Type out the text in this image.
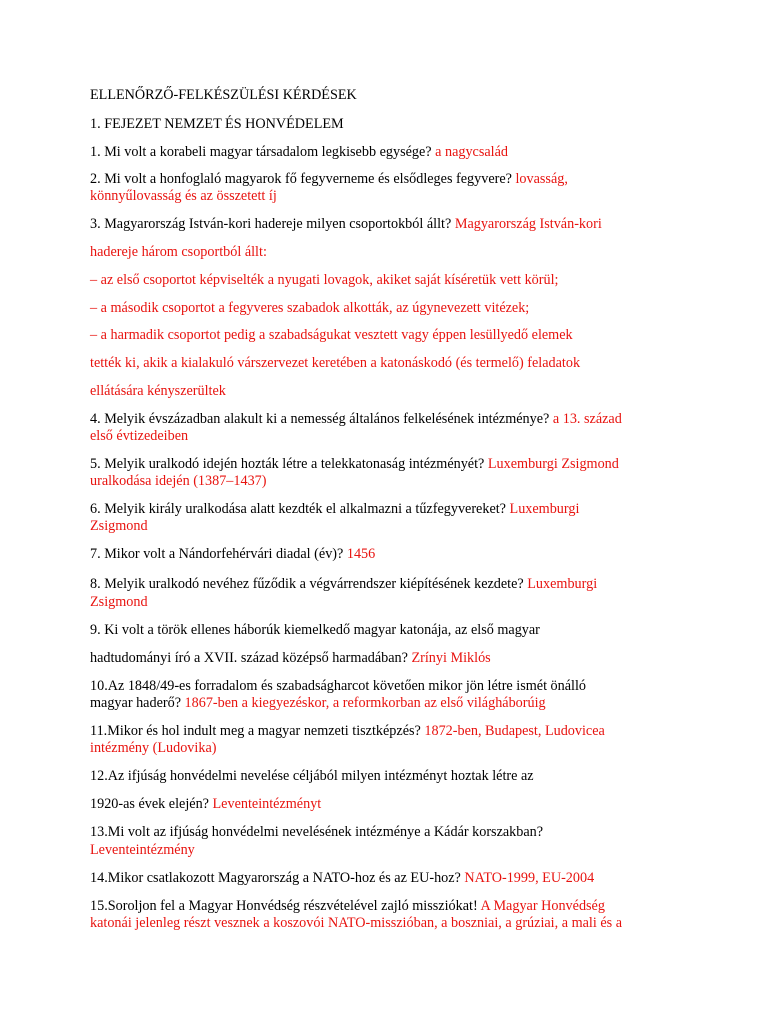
ELLENŐRZŐ-FELKÉSZÜLÉSI KÉRDÉSEK
1. FEJEZET NEMZET ÉS HONVÉDELEM
1. Mi volt a korabeli magyar társadalom legkisebb egysége? a nagycsalád
2. Mi volt a honfoglaló magyarok fő fegyverneme és elsődleges fegyvere? lovasság,
könnyűlovasság és az összetett íj
3. Magyarország István-kori hadereje milyen csoportokból állt? Magyarország István-kori
hadereje három csoportból állt:
– az első csoportot képviselték a nyugati lovagok, akiket saját kíséretük vett körül;
– a második csoportot a fegyveres szabadok alkották, az úgynevezett vitézek;
– a harmadik csoportot pedig a szabadságukat vesztett vagy éppen lesüllyedő elemek
tették ki, akik a kialakuló várszervezet keretében a katonáskodó (és termelő) feladatok
ellátására kényszerültek
4. Melyik évszázadban alakult ki a nemesség általános felkelésének intézménye? a 13. század
első évtizedeiben
5. Melyik uralkodó idején hozták létre a telekkatonaság intézményét? Luxemburgi Zsigmond
uralkodása idején (1387–1437)
6. Melyik király uralkodása alatt kezdték el alkalmazni a tűzfegyvereket? Luxemburgi
Zsigmond
7. Mikor volt a Nándorfehérvári diadal (év)? 1456
8. Melyik uralkodó nevéhez fűződik a végvárrendszer kiépítésének kezdete? Luxemburgi
Zsigmond
9. Ki volt a török ellenes háborúk kiemelkedő magyar katonája, az első magyar
hadtudományi író a XVII. század középső harmadában? Zrínyi Miklós
10.Az 1848/49-es forradalom és szabadságharcot követően mikor jön létre ismét önálló
magyar haderő? 1867-ben a kiegyezéskor, a reformkorban az első világháborúig
11.Mikor és hol indult meg a magyar nemzeti tisztképzés? 1872-ben, Budapest, Ludovicea
intézmény (Ludovika)
12.Az ifjúság honvédelmi nevelése céljából milyen intézményt hoztak létre az
1920-as évek elején? Leventeintézményt
13.Mi volt az ifjúság honvédelmi nevelésének intézménye a Kádár korszakban?
Leventeintézmény
14.Mikor csatlakozott Magyarország a NATO-hoz és az EU-hoz? NATO-1999, EU-2004
15.Soroljon fel a Magyar Honvédség részvételével zajló missziókat! A Magyar Honvédség
katonái jelenleg részt vesznek a koszovói NATO-misszióban, a boszniai, a grúziai, a mali és a
